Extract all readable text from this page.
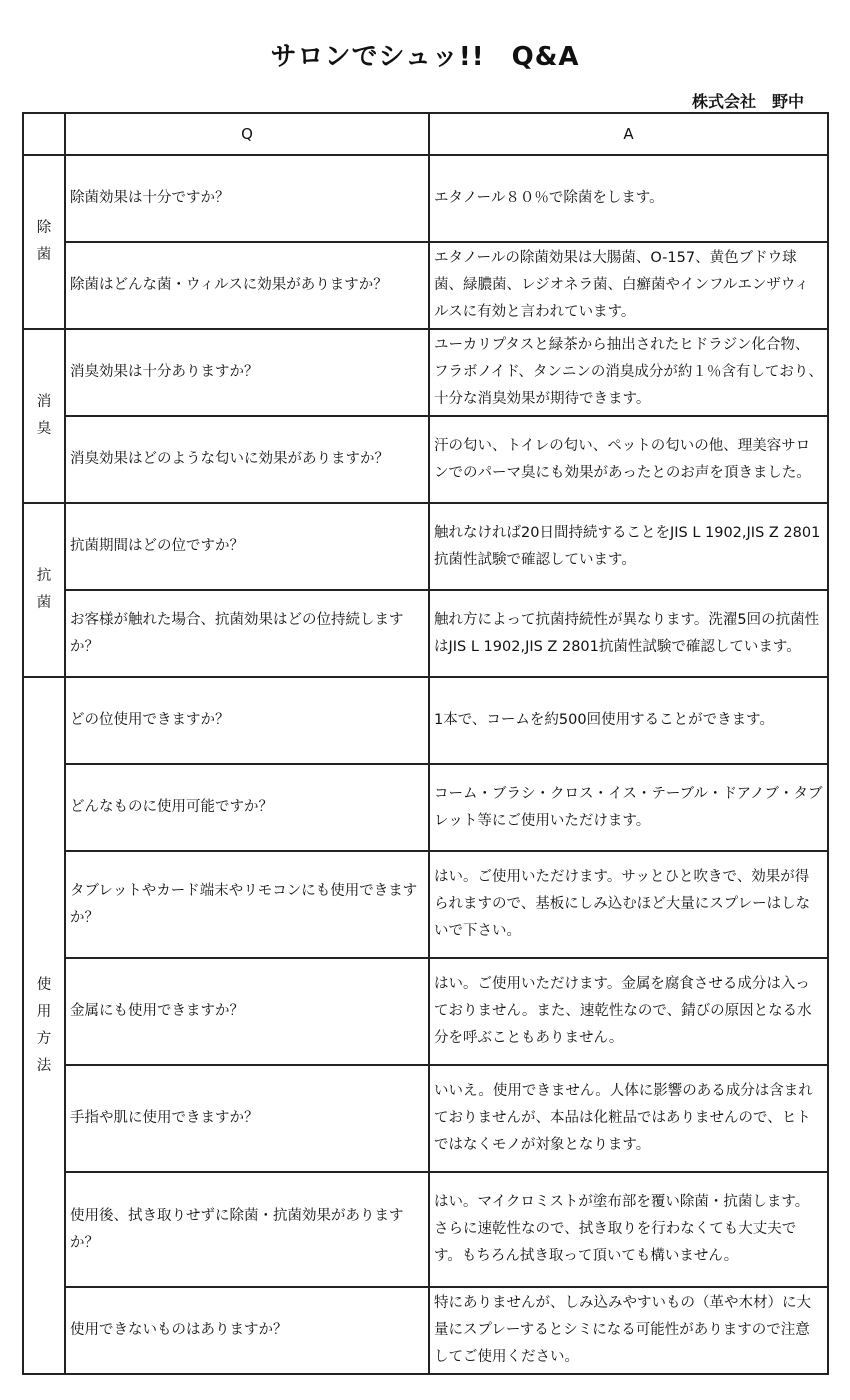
サロンでシュッ!!　Q&A
株式会社　野中
	Q	A
除菌	除菌効果は十分ですか？	エタノール８０％で除菌をします。
	除菌はどんな菌・ウィルスに効果がありますか？	エタノールの除菌効果は大腸菌、O-157、黄色ブドウ球菌、緑膿菌、レジオネラ菌、白癬菌やインフルエンザウィルスに有効と言われています。
消臭	消臭効果は十分ありますか？	ユーカリプタスと緑茶から抽出されたヒドラジン化合物、フラボノイド、タンニンの消臭成分が約１％含有しており、十分な消臭効果が期待できます。
	消臭効果はどのような匂いに効果がありますか？	汗の匂い、トイレの匂い、ペットの匂いの他、理美容サロンでのパーマ臭にも効果があったとのお声を頂きました。
抗菌	抗菌期間はどの位ですか？	触れなければ20日間持続することをJIS L 1902,JIS Z 2801抗菌性試験で確認しています。
	お客様が触れた場合、抗菌効果はどの位持続しますか？	触れ方によって抗菌持続性が異なります。洗濯5回の抗菌性はJIS L 1902,JIS Z 2801抗菌性試験で確認しています。
使用方法	どの位使用できますか？	1本で、コームを約500回使用することができます。
	どんなものに使用可能ですか？	コーム・ブラシ・クロス・イス・テーブル・ドアノブ・タブレット等にご使用いただけます。
	タブレットやカード端末やリモコンにも使用できますか？	はい。ご使用いただけます。サッとひと吹きで、効果が得られますので、基板にしみ込むほど大量にスプレーはしないで下さい。
	金属にも使用できますか？	はい。ご使用いただけます。金属を腐食させる成分は入っておりません。また、速乾性なので、錆びの原因となる水分を呼ぶこともありません。
	手指や肌に使用できますか？	いいえ。使用できません。人体に影響のある成分は含まれておりませんが、本品は化粧品ではありませんので、ヒトではなくモノが対象となります。
	使用後、拭き取りせずに除菌・抗菌効果がありますか？	はい。マイクロミストが塗布部を覆い除菌・抗菌します。さらに速乾性なので、拭き取りを行わなくても大丈夫です。もちろん拭き取って頂いても構いません。
	使用できないものはありますか？	特にありませんが、しみ込みやすいもの（革や木材）に大量にスプレーするとシミになる可能性がありますので注意してご使用ください。
